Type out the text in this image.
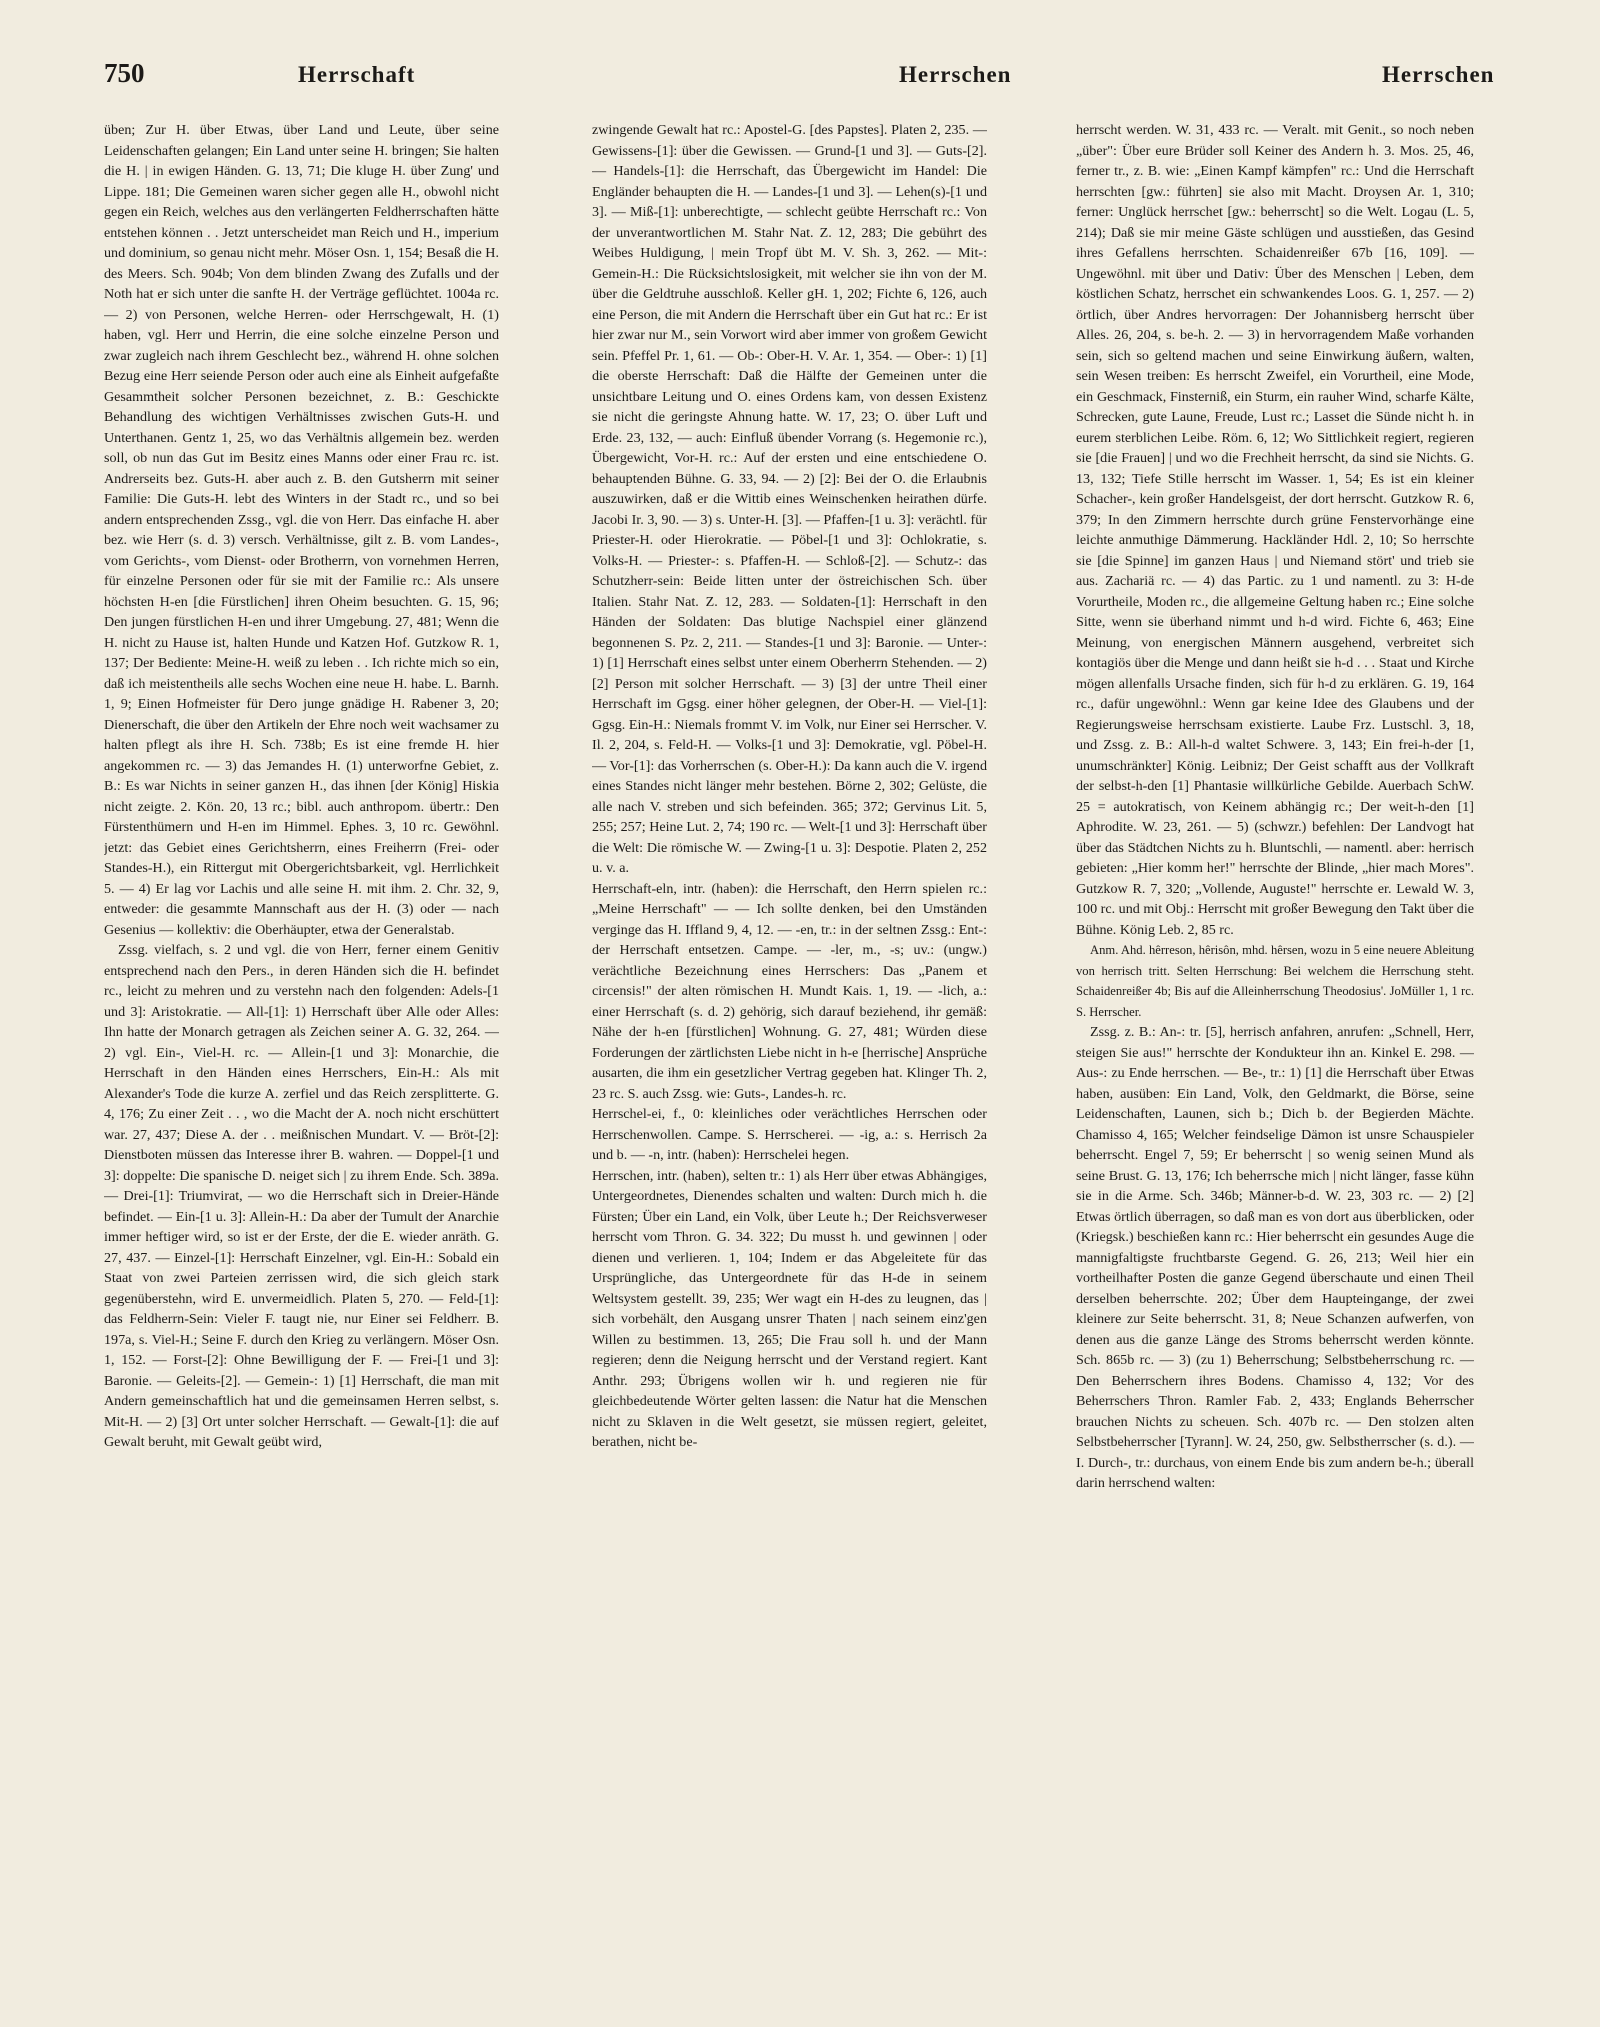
750	Herrschaft	Herrschen	Herrschen

üben; Zur H. über Etwas, über Land und Leute, über seine Leidenschaften gelangen; Ein Land unter seine H. bringen; Sie halten die H. | in ewigen Händen. G. 13, 71; Die kluge H. über Zung' und Lippe. 181; Die Gemeinen waren sicher gegen alle H., obwohl nicht gegen ein Reich, welches aus den verlängerten Feldherrschaften hätte entstehen können . . Jetzt unterscheidet man Reich und H., imperium und dominium, so genau nicht mehr. Möser Osn. 1, 154; Besaß die H. des Meers. Sch. 904b; Von dem blinden Zwang des Zufalls und der Noth hat er sich unter die sanfte H. der Verträge geflüchtet. 1004a rc. — 2) von Personen, welche Herren- oder Herrschgewalt, H. (1) haben, vgl. Herr und Herrin, die eine solche einzelne Person und zwar zugleich nach ihrem Geschlecht bez., während H. ohne solchen Bezug eine Herr seiende Person oder auch eine als Einheit aufgefaßte Gesammtheit solcher Personen bezeichnet, z. B.: Geschickte Behandlung des wichtigen Verhältnisses zwischen Guts-H. und Unterthanen. Gentz 1, 25, wo das Verhältnis allgemein bez. werden soll, ob nun das Gut im Besitz eines Manns oder einer Frau rc. ist. Andrerseits bez. Guts-H. aber auch z. B. den Gutsherrn mit seiner Familie: Die Guts-H. lebt des Winters in der Stadt rc., und so bei andern entsprechenden Zssg., vgl. die von Herr. Das einfache H. aber bez. wie Herr (s. d. 3) versch. Verhältnisse, gilt z. B. vom Landes-, vom Gerichts-, vom Dienst- oder Brotherrn, von vornehmen Herren, für einzelne Personen oder für sie mit der Familie rc.: Als unsere höchsten H-en [die Fürstlichen] ihren Oheim besuchten. G. 15, 96; Den jungen fürstlichen H-en und ihrer Umgebung. 27, 481; Wenn die H. nicht zu Hause ist, halten Hunde und Katzen Hof. Gutzkow R. 1, 137; Der Bediente: Meine-H. weiß zu leben . . Ich richte mich so ein, daß ich meistentheils alle sechs Wochen eine neue H. habe. L. Barnh. 1, 9; Einen Hofmeister für Dero junge gnädige H. Rabener 3, 20; Dienerschaft, die über den Artikeln der Ehre noch weit wachsamer zu halten pflegt als ihre H. Sch. 738b; Es ist eine fremde H. hier angekommen rc. — 3) das Jemandes H. (1) unterworfne Gebiet, z. B.: Es war Nichts in seiner ganzen H., das ihnen [der König] Hiskia nicht zeigte. 2. Kön. 20, 13 rc.; bibl. auch anthropom. übertr.: Den Fürstenthümern und H-en im Himmel. Ephes. 3, 10 rc. Gewöhnl. jetzt: das Gebiet eines Gerichtsherrn, eines Freiherrn (Frei- oder Standes-H.), ein Rittergut mit Obergerichtsbarkeit, vgl. Herrlichkeit 5. — 4) Er lag vor Lachis und alle seine H. mit ihm. 2. Chr. 32, 9, entweder: die gesammte Mannschaft aus der H. (3) oder — nach Gesenius — kollektiv: die Oberhäupter, etwa der Generalstab.

Zssg. vielfach, s. 2 und vgl. die von Herr, ferner einem Genitiv entsprechend nach den Pers., in deren Händen sich die H. befindet rc., leicht zu mehren und zu verstehn nach den folgenden: Adels-[1 und 3]: Aristokratie. — All-[1]: 1) Herrschaft über Alle oder Alles: Ihn hatte der Monarch getragen als Zeichen seiner A. G. 32, 264. — 2) vgl. Ein-, Viel-H. rc. — Allein-[1 und 3]: Monarchie, die Herrschaft in den Händen eines Herrschers, Ein-H.: Als mit Alexander's Tode die kurze A. zerfiel und das Reich zersplitterte. G. 4, 176; Zu einer Zeit . . , wo die Macht der A. noch nicht erschüttert war. 27, 437; Diese A. der . . meißnischen Mundart. V. — Bröt-[2]: Dienstboten müssen das Interesse ihrer B. wahren. — Doppel-[1 und 3]: doppelte: Die spanische D. neiget sich | zu ihrem Ende. Sch. 389a. — Drei-[1]: Triumvirat, — wo die Herrschaft sich in Dreier-Hände befindet. — Ein-[1 u. 3]: Allein-H.: Da aber der Tumult der Anarchie immer heftiger wird, so ist er der Erste, der die E. wieder anräth. G. 27, 437. — Einzel-[1]: Herrschaft Einzelner, vgl. Ein-H.: Sobald ein Staat von zwei Parteien zerrissen wird, die sich gleich stark gegenüberstehn, wird E. unvermeidlich. Platen 5, 270. — Feld-[1]: das Feldherrn-Sein: Vieler F. taugt nie, nur Einer sei Feldherr. B. 197a, s. Viel-H.; Seine F. durch den Krieg zu verlängern. Möser Osn. 1, 152. — Forst-[2]: Ohne Bewilligung der F. — Frei-[1 und 3]: Baronie. — Geleits-[2]. — Gemein-: 1) [1] Herrschaft, die man mit Andern gemeinschaftlich hat und die gemeinsamen Herren selbst, s. Mit-H. — 2) [3] Ort unter solcher Herrschaft. — Gewalt-[1]: die auf Gewalt beruht, mit Gewalt geübt wird,

zwingende Gewalt hat rc.: Apostel-G. [des Papstes]. Platen 2, 235. — Gewissens-[1]: über die Gewissen. — Grund-[1 und 3]. — Guts-[2]. — Handels-[1]: die Herrschaft, das Übergewicht im Handel: Die Engländer behaupten die H. — Landes-[1 und 3]. — Lehen(s)-[1 und 3]. — Miß-[1]: unberechtigte, — schlecht geübte Herrschaft rc.: Von der unverantwortlichen M. Stahr Nat. Z. 12, 283; Die gebührt des Weibes Huldigung, | mein Tropf übt M. V. Sh. 3, 262. — Mit-: Gemein-H.: Die Rücksichtslosigkeit, mit welcher sie ihn von der M. über die Geldtruhe ausschloß. Keller gH. 1, 202; Fichte 6, 126, auch eine Person, die mit Andern die Herrschaft über ein Gut hat rc.: Er ist hier zwar nur M., sein Vorwort wird aber immer von großem Gewicht sein. Pfeffel Pr. 1, 61. — Ob-: Ober-H. V. Ar. 1, 354. — Ober-: 1) [1] die oberste Herrschaft: Daß die Hälfte der Gemeinen unter die unsichtbare Leitung und O. eines Ordens kam, von dessen Existenz sie nicht die geringste Ahnung hatte. W. 17, 23; O. über Luft und Erde. 23, 132, — auch: Einfluß übender Vorrang (s. Hegemonie rc.), Übergewicht, Vor-H. rc.: Auf der ersten und eine entschiedene O. behauptenden Bühne. G. 33, 94. — 2) [2]: Bei der O. die Erlaubnis auszuwirken, daß er die Wittib eines Weinschenken heirathen dürfe. Jacobi Ir. 3, 90. — 3) s. Unter-H. [3]. — Pfaffen-[1 u. 3]: verächtl. für Priester-H. oder Hierokratie. — Pöbel-[1 und 3]: Ochlokratie, s. Volks-H. — Priester-: s. Pfaffen-H. — Schloß-[2]. — Schutz-: das Schutzherr-sein: Beide litten unter der östreichischen Sch. über Italien. Stahr Nat. Z. 12, 283. — Soldaten-[1]: Herrschaft in den Händen der Soldaten: Das blutige Nachspiel einer glänzend begonnenen S. Pz. 2, 211. — Standes-[1 und 3]: Baronie. — Unter-: 1) [1] Herrschaft eines selbst unter einem Oberherrn Stehenden. — 2) [2] Person mit solcher Herrschaft. — 3) [3] der untre Theil einer Herrschaft im Ggsg. einer höher gelegnen, der Ober-H. — Viel-[1]: Ggsg. Ein-H.: Niemals frommt V. im Volk, nur Einer sei Herrscher. V. Il. 2, 204, s. Feld-H. — Volks-[1 und 3]: Demokratie, vgl. Pöbel-H. — Vor-[1]: das Vorherrschen (s. Ober-H.): Da kann auch die V. irgend eines Standes nicht länger mehr bestehen. Börne 2, 302; Gelüste, die alle nach V. streben und sich befeinden. 365; 372; Gervinus Lit. 5, 255; 257; Heine Lut. 2, 74; 190 rc. — Welt-[1 und 3]: Herrschaft über die Welt: Die römische W. — Zwing-[1 u. 3]: Despotie. Platen 2, 252 u. v. a.

Herrschaft-eln, intr. (haben): die Herrschaft, den Herrn spielen rc.: „Meine Herrschaft" — — Ich sollte denken, bei den Umständen verginge das H. Iffland 9, 4, 12. — -en, tr.: in der seltnen Zssg.: Ent-: der Herrschaft entsetzen. Campe. — -ler, m., -s; uv.: (ungw.) verächtliche Bezeichnung eines Herrschers: Das „Panem et circensis!" der alten römischen H. Mundt Kais. 1, 19. — -lich, a.: einer Herrschaft (s. d. 2) gehörig, sich darauf beziehend, ihr gemäß: Nähe der h-en [fürstlichen] Wohnung. G. 27, 481; Würden diese Forderungen der zärtlichsten Liebe nicht in h-e [herrische] Ansprüche ausarten, die ihm ein gesetzlicher Vertrag gegeben hat. Klinger Th. 2, 23 rc. S. auch Zssg. wie: Guts-, Landes-h. rc.

Herrschel-ei, f., 0: kleinliches oder verächtliches Herrschen oder Herrschenwollen. Campe. S. Herrscherei. — -ig, a.: s. Herrisch 2a und b. — -n, intr. (haben): Herrschelei hegen.

Herrschen, intr. (haben), selten tr.: 1) als Herr über etwas Abhängiges, Untergeordnetes, Dienendes schalten und walten: Durch mich h. die Fürsten; Über ein Land, ein Volk, über Leute h.; Der Reichsverweser herrscht vom Thron. G. 34. 322; Du musst h. und gewinnen | oder dienen und verlieren. 1, 104; Indem er das Abgeleitete für das Ursprüngliche, das Untergeordnete für das H-de in seinem Weltsystem gestellt. 39, 235; Wer wagt ein H-des zu leugnen, das | sich vorbehält, den Ausgang unsrer Thaten | nach seinem einz'gen Willen zu bestimmen. 13, 265; Die Frau soll h. und der Mann regieren; denn die Neigung herrscht und der Verstand regiert. Kant Anthr. 293; Übrigens wollen wir h. und regieren nie für gleichbedeutende Wörter gelten lassen: die Natur hat die Menschen nicht zu Sklaven in die Welt gesetzt, sie müssen regiert, geleitet, berathen, nicht be-

herrscht werden. W. 31, 433 rc. — Veralt. mit Genit., so noch neben „über": Über eure Brüder soll Keiner des Andern h. 3. Mos. 25, 46, ferner tr., z. B. wie: „Einen Kampf kämpfen" rc.: Und die Herrschaft herrschten [gw.: führten] sie also mit Macht. Droysen Ar. 1, 310; ferner: Unglück herrschet [gw.: beherrscht] so die Welt. Logau (L. 5, 214); Daß sie mir meine Gäste schlügen und ausstießen, das Gesind ihres Gefallens herrschten. Schaidenreißer 67b [16, 109]. — Ungewöhnl. mit über und Dativ: Über des Menschen | Leben, dem köstlichen Schatz, herrschet ein schwankendes Loos. G. 1, 257. — 2) örtlich, über Andres hervorragen: Der Johannisberg herrscht über Alles. 26, 204, s. be-h. 2. — 3) in hervorragendem Maße vorhanden sein, sich so geltend machen und seine Einwirkung äußern, walten, sein Wesen treiben: Es herrscht Zweifel, ein Vorurtheil, eine Mode, ein Geschmack, Finsterniß, ein Sturm, ein rauher Wind, scharfe Kälte, Schrecken, gute Laune, Freude, Lust rc.; Lasset die Sünde nicht h. in eurem sterblichen Leibe. Röm. 6, 12; Wo Sittlichkeit regiert, regieren sie [die Frauen] | und wo die Frechheit herrscht, da sind sie Nichts. G. 13, 132; Tiefe Stille herrscht im Wasser. 1, 54; Es ist ein kleiner Schacher-, kein großer Handelsgeist, der dort herrscht. Gutzkow R. 6, 379; In den Zimmern herrschte durch grüne Fenstervorhänge eine leichte anmuthige Dämmerung. Hackländer Hdl. 2, 10; So herrschte sie [die Spinne] im ganzen Haus | und Niemand stört' und trieb sie aus. Zachariä rc. — 4) das Partic. zu 1 und namentl. zu 3: H-de Vorurtheile, Moden rc., die allgemeine Geltung haben rc.; Eine solche Sitte, wenn sie überhand nimmt und h-d wird. Fichte 6, 463; Eine Meinung, von energischen Männern ausgehend, verbreitet sich kontagiös über die Menge und dann heißt sie h-d . . . Staat und Kirche mögen allenfalls Ursache finden, sich für h-d zu erklären. G. 19, 164 rc., dafür ungewöhnl.: Wenn gar keine Idee des Glaubens und der Regierungsweise herrschsam existierte. Laube Frz. Lustschl. 3, 18, und Zssg. z. B.: All-h-d waltet Schwere. 3, 143; Ein frei-h-der [1, unumschränkter] König. Leibniz; Der Geist schafft aus der Vollkraft der selbst-h-den [1] Phantasie willkürliche Gebilde. Auerbach SchW. 25 = autokratisch, von Keinem abhängig rc.; Der weit-h-den [1] Aphrodite. W. 23, 261. — 5) (schwzr.) befehlen: Der Landvogt hat über das Städtchen Nichts zu h. Bluntschli, — namentl. aber: herrisch gebieten: „Hier komm her!" herrschte der Blinde, „hier mach Mores". Gutzkow R. 7, 320; „Vollende, Auguste!" herrschte er. Lewald W. 3, 100 rc. und mit Obj.: Herrscht mit großer Bewegung den Takt über die Bühne. König Leb. 2, 85 rc.

Anm. Ahd. hêrreson, hêrisôn, mhd. hêrsen, wozu in 5 eine neuere Ableitung von herrisch tritt. Selten Herrschung: Bei welchem die Herrschung steht. Schaidenreißer 4b; Bis auf die Alleinherrschung Theodosius'. JoMüller 1, 1 rc. S. Herrscher.

Zssg. z. B.: An-: tr. [5], herrisch anfahren, anrufen: „Schnell, Herr, steigen Sie aus!" herrschte der Kondukteur ihn an. Kinkel E. 298. — Aus-: zu Ende herrschen. — Be-, tr.: 1) [1] die Herrschaft über Etwas haben, ausüben: Ein Land, Volk, den Geldmarkt, die Börse, seine Leidenschaften, Launen, sich b.; Dich b. der Begierden Mächte. Chamisso 4, 165; Welcher feindselige Dämon ist unsre Schauspieler beherrscht. Engel 7, 59; Er beherrscht | so wenig seinen Mund als seine Brust. G. 13, 176; Ich beherrsche mich | nicht länger, fasse kühn sie in die Arme. Sch. 346b; Männer-b-d. W. 23, 303 rc. — 2) [2] Etwas örtlich überragen, so daß man es von dort aus überblicken, oder (Kriegsk.) beschießen kann rc.: Hier beherrscht ein gesundes Auge die mannigfaltigste fruchtbarste Gegend. G. 26, 213; Weil hier ein vortheilhafter Posten die ganze Gegend überschaute und einen Theil derselben beherrschte. 202; Über dem Haupteingange, der zwei kleinere zur Seite beherrscht. 31, 8; Neue Schanzen aufwerfen, von denen aus die ganze Länge des Stroms beherrscht werden könnte. Sch. 865b rc. — 3) (zu 1) Beherrschung; Selbstbeherrschung rc. — Den Beherrschern ihres Bodens. Chamisso 4, 132; Vor des Beherrschers Thron. Ramler Fab. 2, 433; Englands Beherrscher brauchen Nichts zu scheuen. Sch. 407b rc. — Den stolzen alten Selbstbeherrscher [Tyrann]. W. 24, 250, gw. Selbstherrscher (s. d.). — I. Durch-, tr.: durchaus, von einem Ende bis zum andern be-h.; überall darin herrschend walten:
